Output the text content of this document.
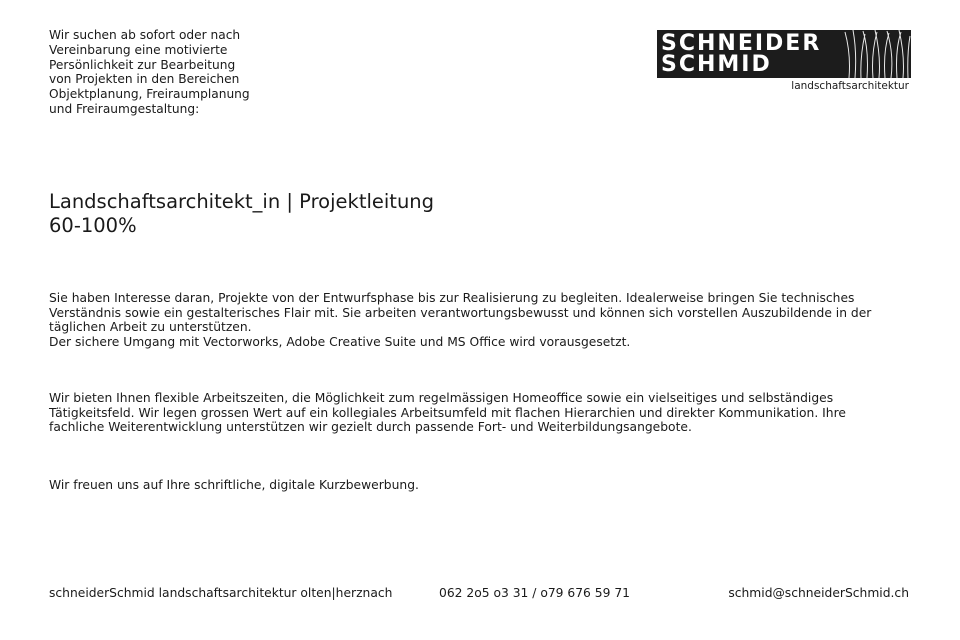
Wir suchen ab sofort oder nach
Vereinbarung eine motivierte
Persönlichkeit zur Bearbeitung
von Projekten in den Bereichen
Objektplanung, Freiraumplanung
und Freiraumgestaltung:
SCHNEIDER
SCHMID
landschaftsarchitektur
Landschaftsarchitekt_in | Projektleitung
60-100%
Sie haben Interesse daran, Projekte von der Entwurfsphase bis zur Realisierung zu begleiten. Idealerweise bringen Sie technisches
Verständnis sowie ein gestalterisches Flair mit. Sie arbeiten verantwortungsbewusst und können sich vorstellen Auszubildende in der
täglichen Arbeit zu unterstützen.
Der sichere Umgang mit Vectorworks, Adobe Creative Suite und MS Office wird vorausgesetzt.
Wir bieten Ihnen flexible Arbeitszeiten, die Möglichkeit zum regelmässigen Homeoffice sowie ein vielseitiges und selbständiges
Tätigkeitsfeld. Wir legen grossen Wert auf ein kollegiales Arbeitsumfeld mit flachen Hierarchien und direkter Kommunikation. Ihre
fachliche Weiterentwicklung unterstützen wir gezielt durch passende Fort- und Weiterbildungsangebote.
Wir freuen uns auf Ihre schriftliche, digitale Kurzbewerbung.
schneiderSchmid landschaftsarchitektur olten|herznach	062 2o5 o3 31 / o79 676 59 71	schmid@schneiderSchmid.ch
